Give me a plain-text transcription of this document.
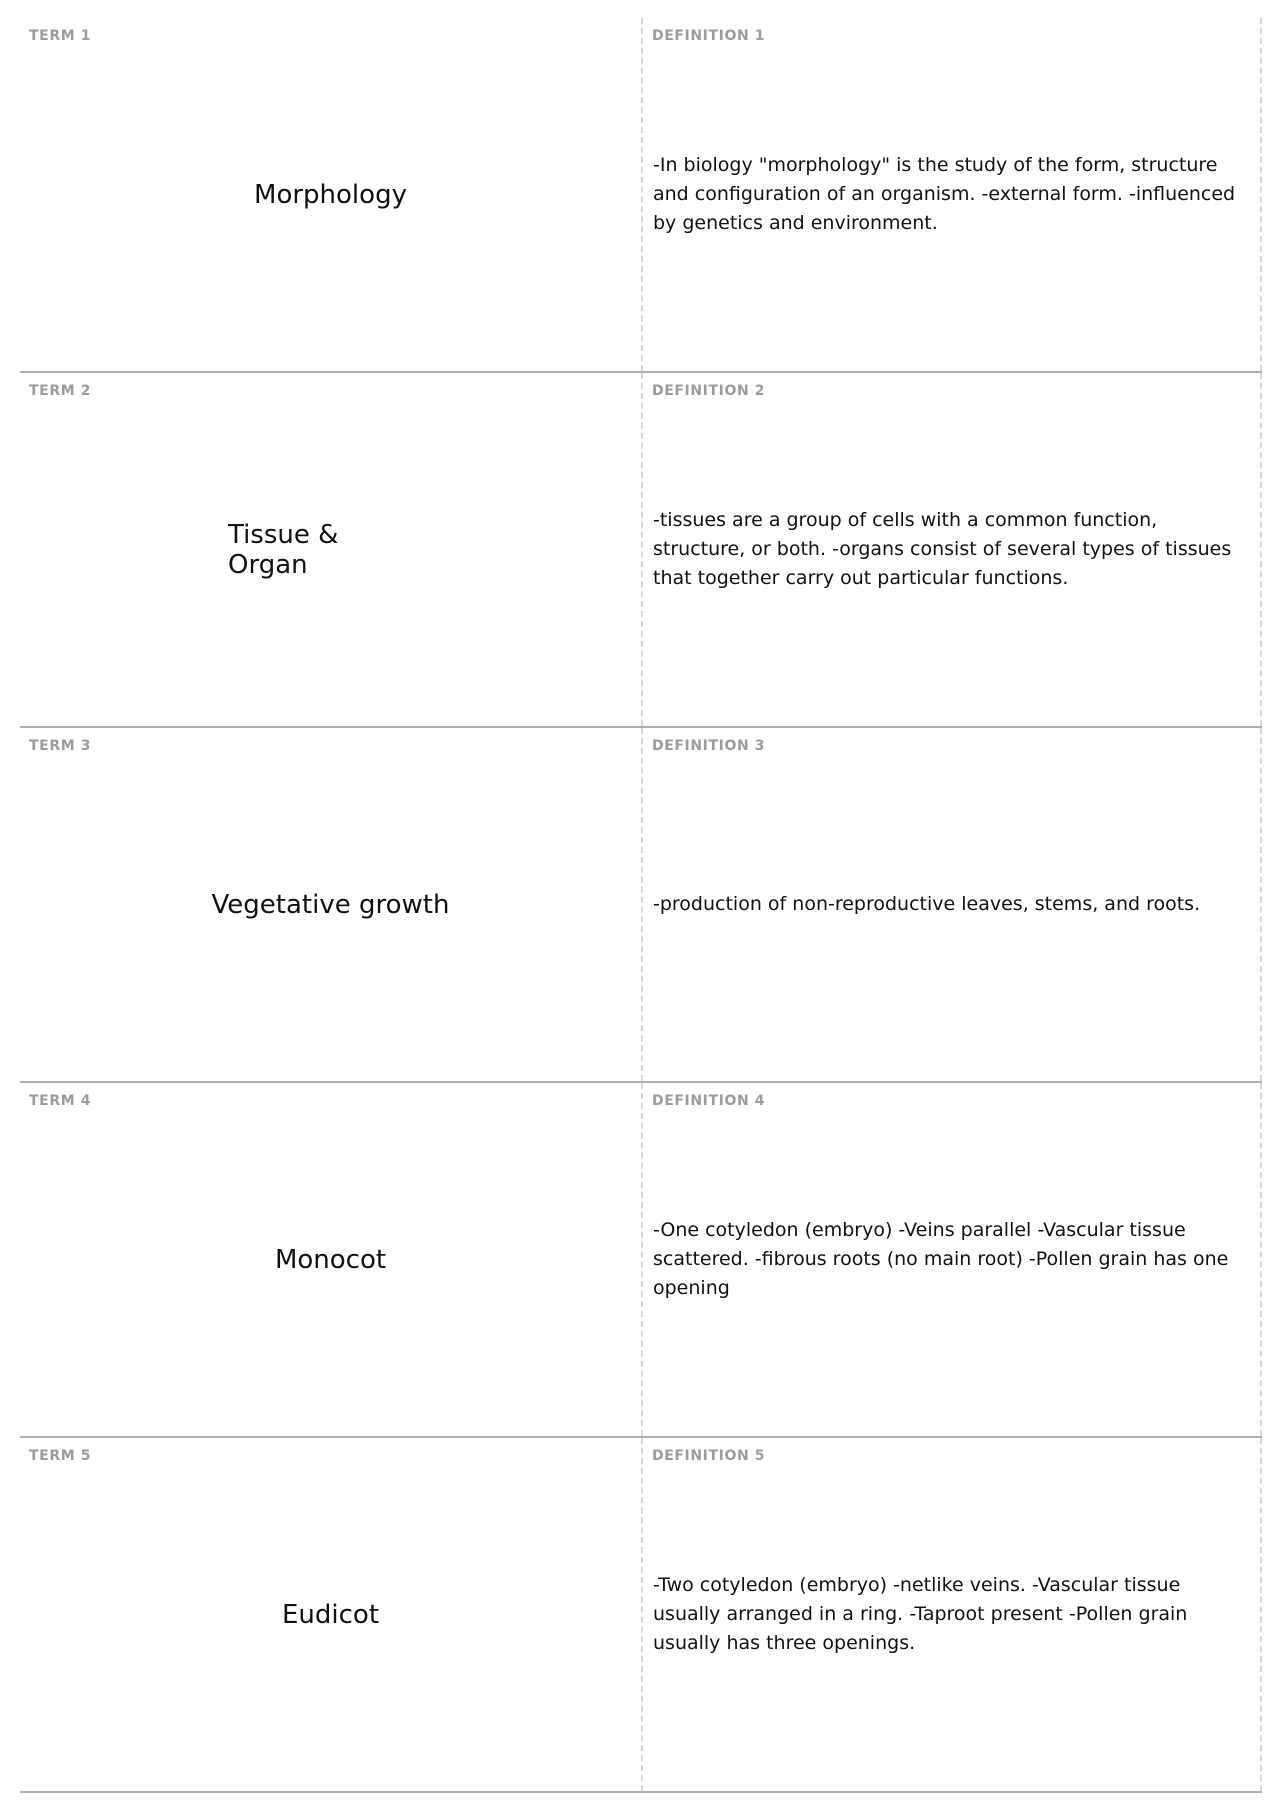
TERM 1
Morphology
DEFINITION 1
-In biology "morphology" is the study of the form, structure and configuration of an organism. -external form. -influenced by genetics and environment.
TERM 2
Tissue & Organ
DEFINITION 2
-tissues are a group of cells with a common function, structure, or both. -organs consist of several types of tissues that together carry out particular functions.
TERM 3
Vegetative growth
DEFINITION 3
-production of non-reproductive leaves, stems, and roots.
TERM 4
Monocot
DEFINITION 4
-One cotyledon (embryo) -Veins parallel -Vascular tissue scattered. -fibrous roots (no main root) -Pollen grain has one opening
TERM 5
Eudicot
DEFINITION 5
-Two cotyledon (embryo) -netlike veins. -Vascular tissue usually arranged in a ring. -Taproot present -Pollen grain usually has three openings.
